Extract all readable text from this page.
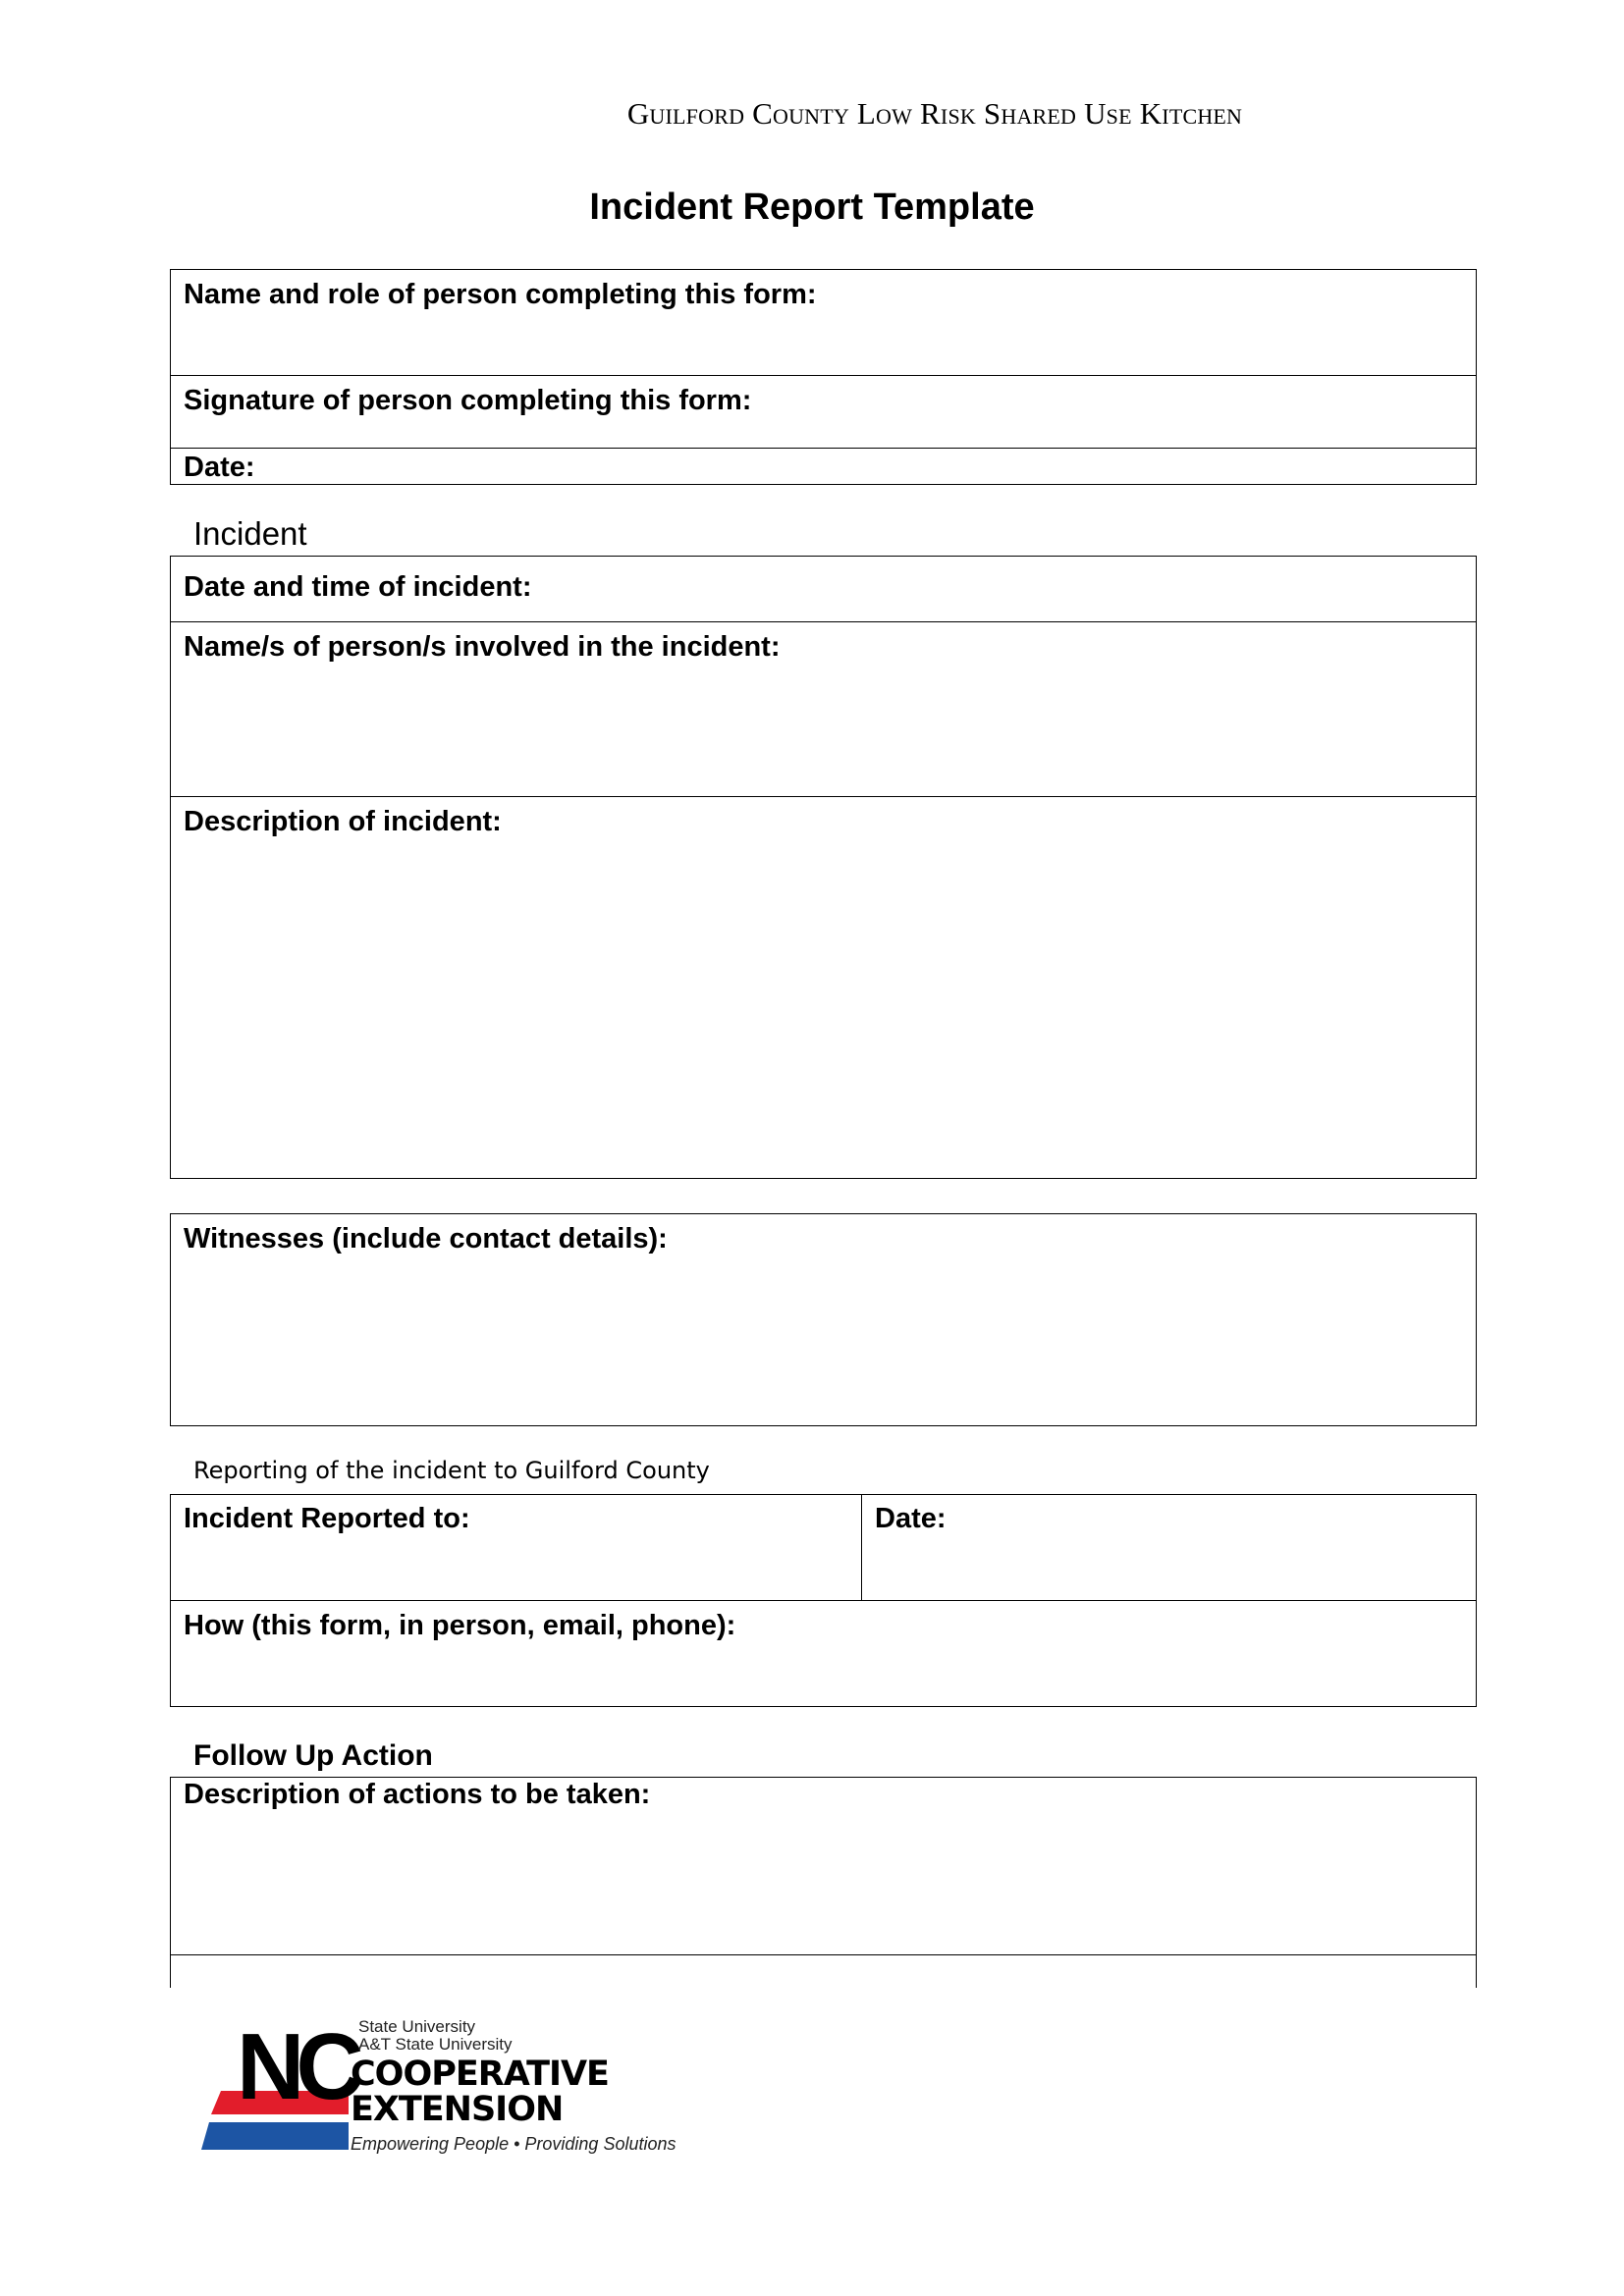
Guilford County Low Risk Shared Use Kitchen
Incident Report Template
Name and role of person completing this form:
Signature of person completing this form:
Date:
Incident
Date and time of incident:
Name/s of person/s involved in the incident:
Description of incident:
Witnesses (include contact details):
Reporting of the incident to Guilford County
Incident Reported to:	Date:
How (this form, in person, email, phone):
Follow Up Action
Description of actions to be taken:
NC State University
A&T State University
COOPERATIVE
EXTENSION
Empowering People • Providing Solutions
